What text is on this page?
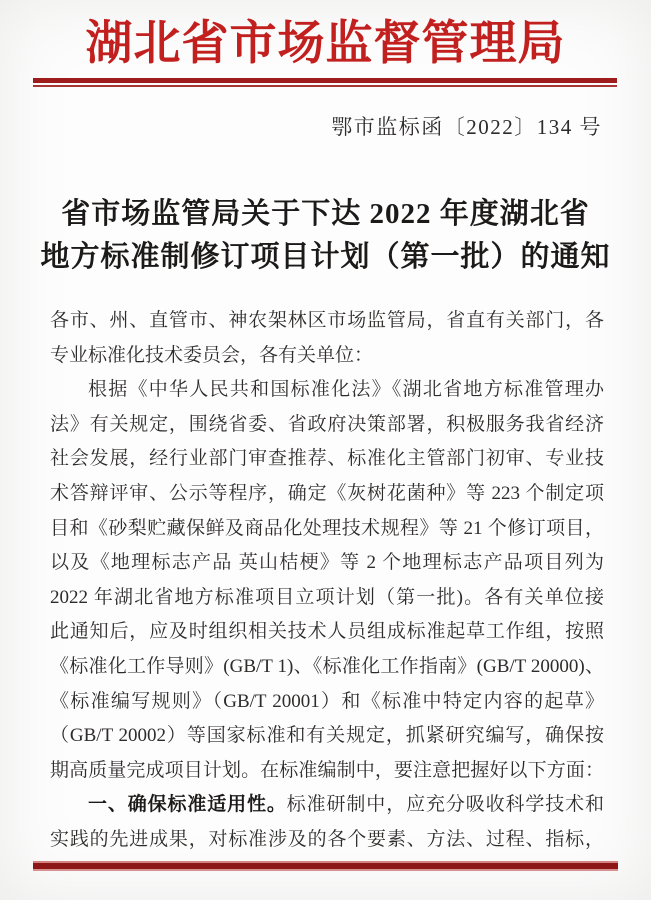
湖北省市场监督管理局
鄂市监标函〔2022〕134 号
省市场监管局关于下达 2022 年度湖北省
地方标准制修订项目计划（第一批）的通知
各市、州、直管市、神农架林区市场监管局，省直有关部门，各
专业标准化技术委员会，各有关单位：
根据《中华人民共和国标准化法》《湖北省地方标准管理办
法》有关规定，围绕省委、省政府决策部署，积极服务我省经济
社会发展，经行业部门审查推荐、标准化主管部门初审、专业技
术答辩评审、公示等程序，确定《灰树花菌种》等 223 个制定项
目和《砂梨贮藏保鲜及商品化处理技术规程》等 21 个修订项目，
以及《地理标志产品 英山桔梗》等 2 个地理标志产品项目列为
2022 年湖北省地方标准项目立项计划（第一批)。各有关单位接
此通知后，应及时组织相关技术人员组成标准起草工作组，按照
《标准化工作导则》(GB/T 1)、《标准化工作指南》(GB/T 20000)、
《标准编写规则》（GB/T 20001）和《标准中特定内容的起草》
（GB/T 20002）等国家标准和有关规定，抓紧研究编写，确保按
期高质量完成项目计划。在标准编制中，要注意把握好以下方面：
一、确保标准适用性。标准研制中，应充分吸收科学技术和
实践的先进成果，对标准涉及的各个要素、方法、过程、指标，
